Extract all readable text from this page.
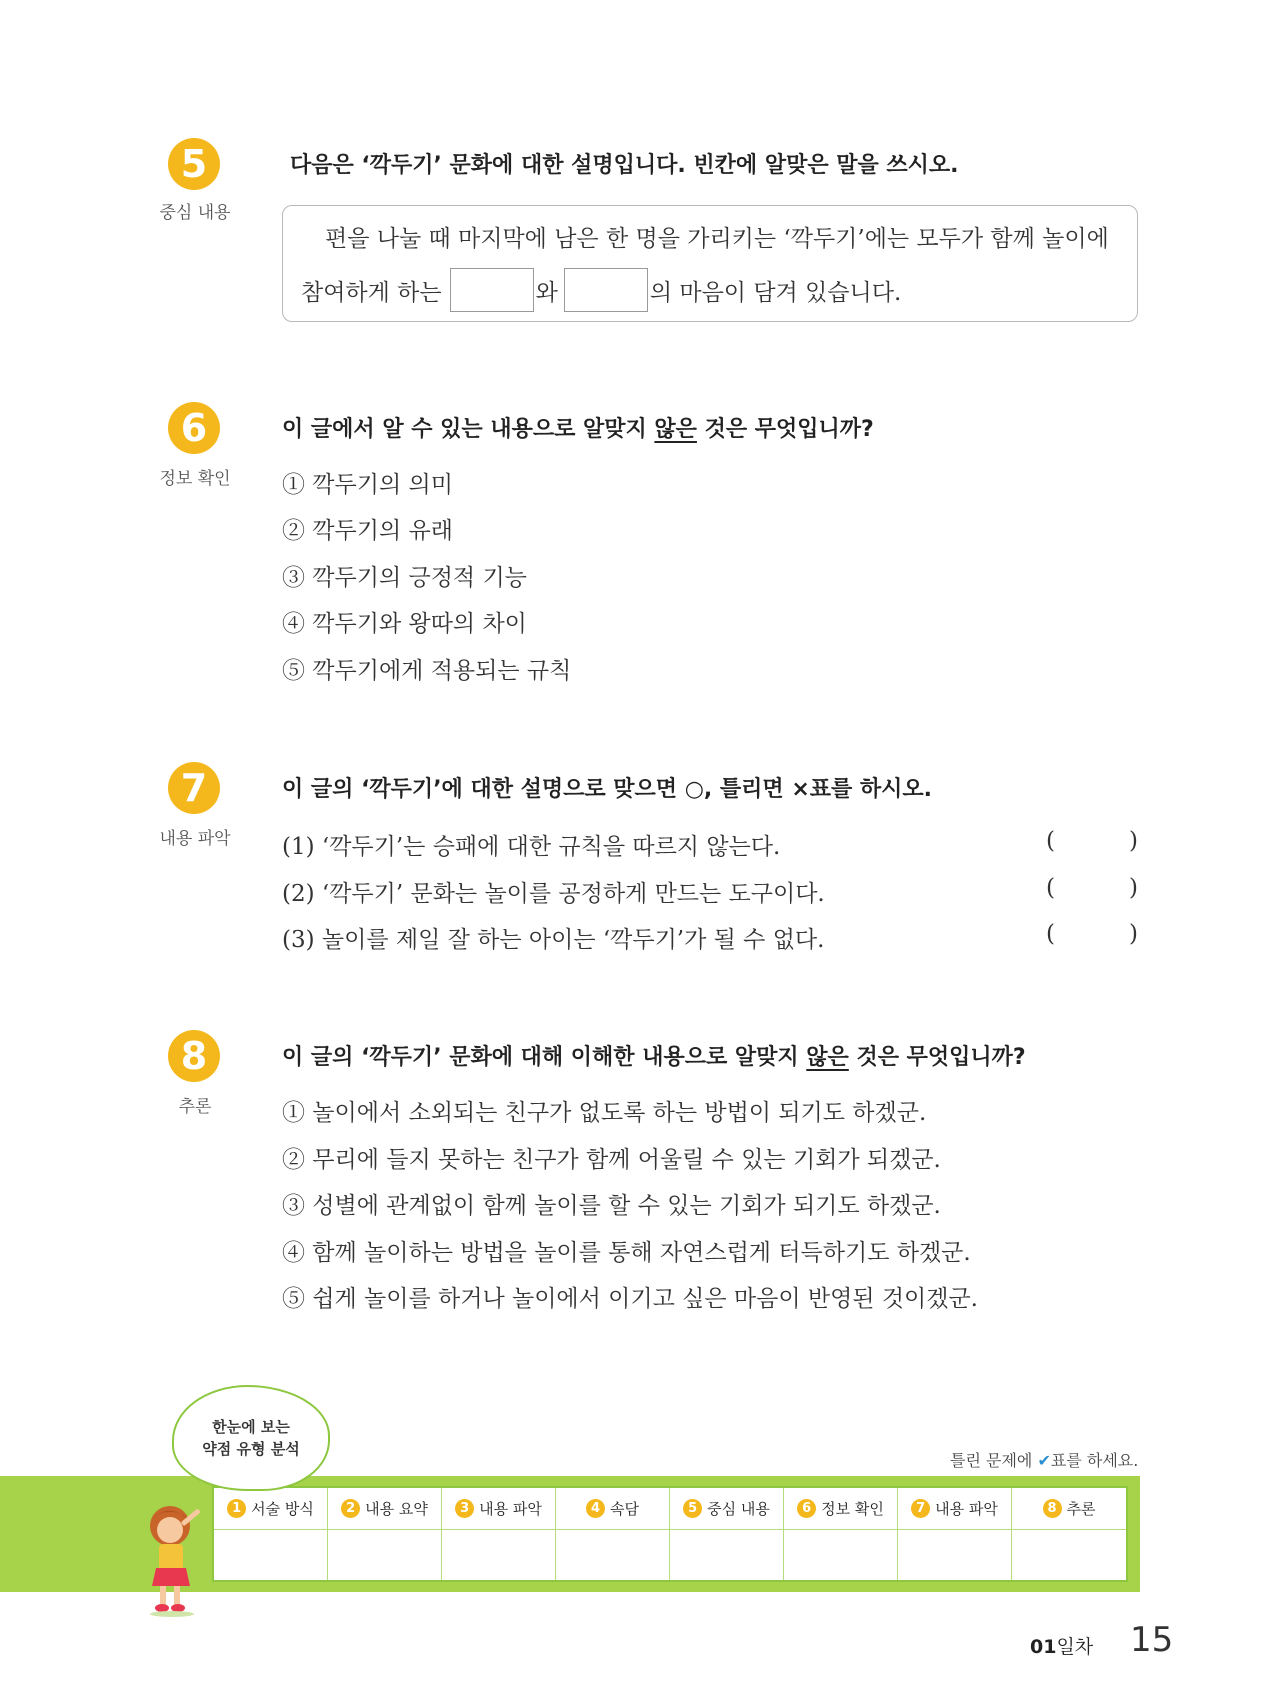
5
중심 내용
다음은 ‘깍두기’ 문화에 대한 설명입니다. 빈칸에 알맞은 말을 쓰시오.
편을 나눌 때 마지막에 남은 한 명을 가리키는 ‘깍두기’에는 모두가 함께 놀이에
참여하게 하는	와	의 마음이 담겨 있습니다.
6
정보 확인
이 글에서 알 수 있는 내용으로 알맞지 않은 것은 무엇입니까?
① 깍두기의 의미
② 깍두기의 유래
③ 깍두기의 긍정적 기능
④ 깍두기와 왕따의 차이
⑤ 깍두기에게 적용되는 규칙
7
내용 파악
이 글의 ‘깍두기’에 대한 설명으로 맞으면 ○, 틀리면 ×표를 하시오.
(1) ‘깍두기’는 승패에 대한 규칙을 따르지 않는다.	(	)
(2) ‘깍두기’ 문화는 놀이를 공정하게 만드는 도구이다.	(	)
(3) 놀이를 제일 잘 하는 아이는 ‘깍두기’가 될 수 없다.	(	)
8
추론
이 글의 ‘깍두기’ 문화에 대해 이해한 내용으로 알맞지 않은 것은 무엇입니까?
① 놀이에서 소외되는 친구가 없도록 하는 방법이 되기도 하겠군.
② 무리에 들지 못하는 친구가 함께 어울릴 수 있는 기회가 되겠군.
③ 성별에 관계없이 함께 놀이를 할 수 있는 기회가 되기도 하겠군.
④ 함께 놀이하는 방법을 놀이를 통해 자연스럽게 터득하기도 하겠군.
⑤ 쉽게 놀이를 하거나 놀이에서 이기고 싶은 마음이 반영된 것이겠군.
틀린 문제에 ✔표를 하세요.
한눈에 보는
약점 유형 분석
1 서술 방식	2 내용 요약	3 내용 파악	4 속담	5 중심 내용	6 정보 확인	7 내용 파악	8 추론
01일차 15
